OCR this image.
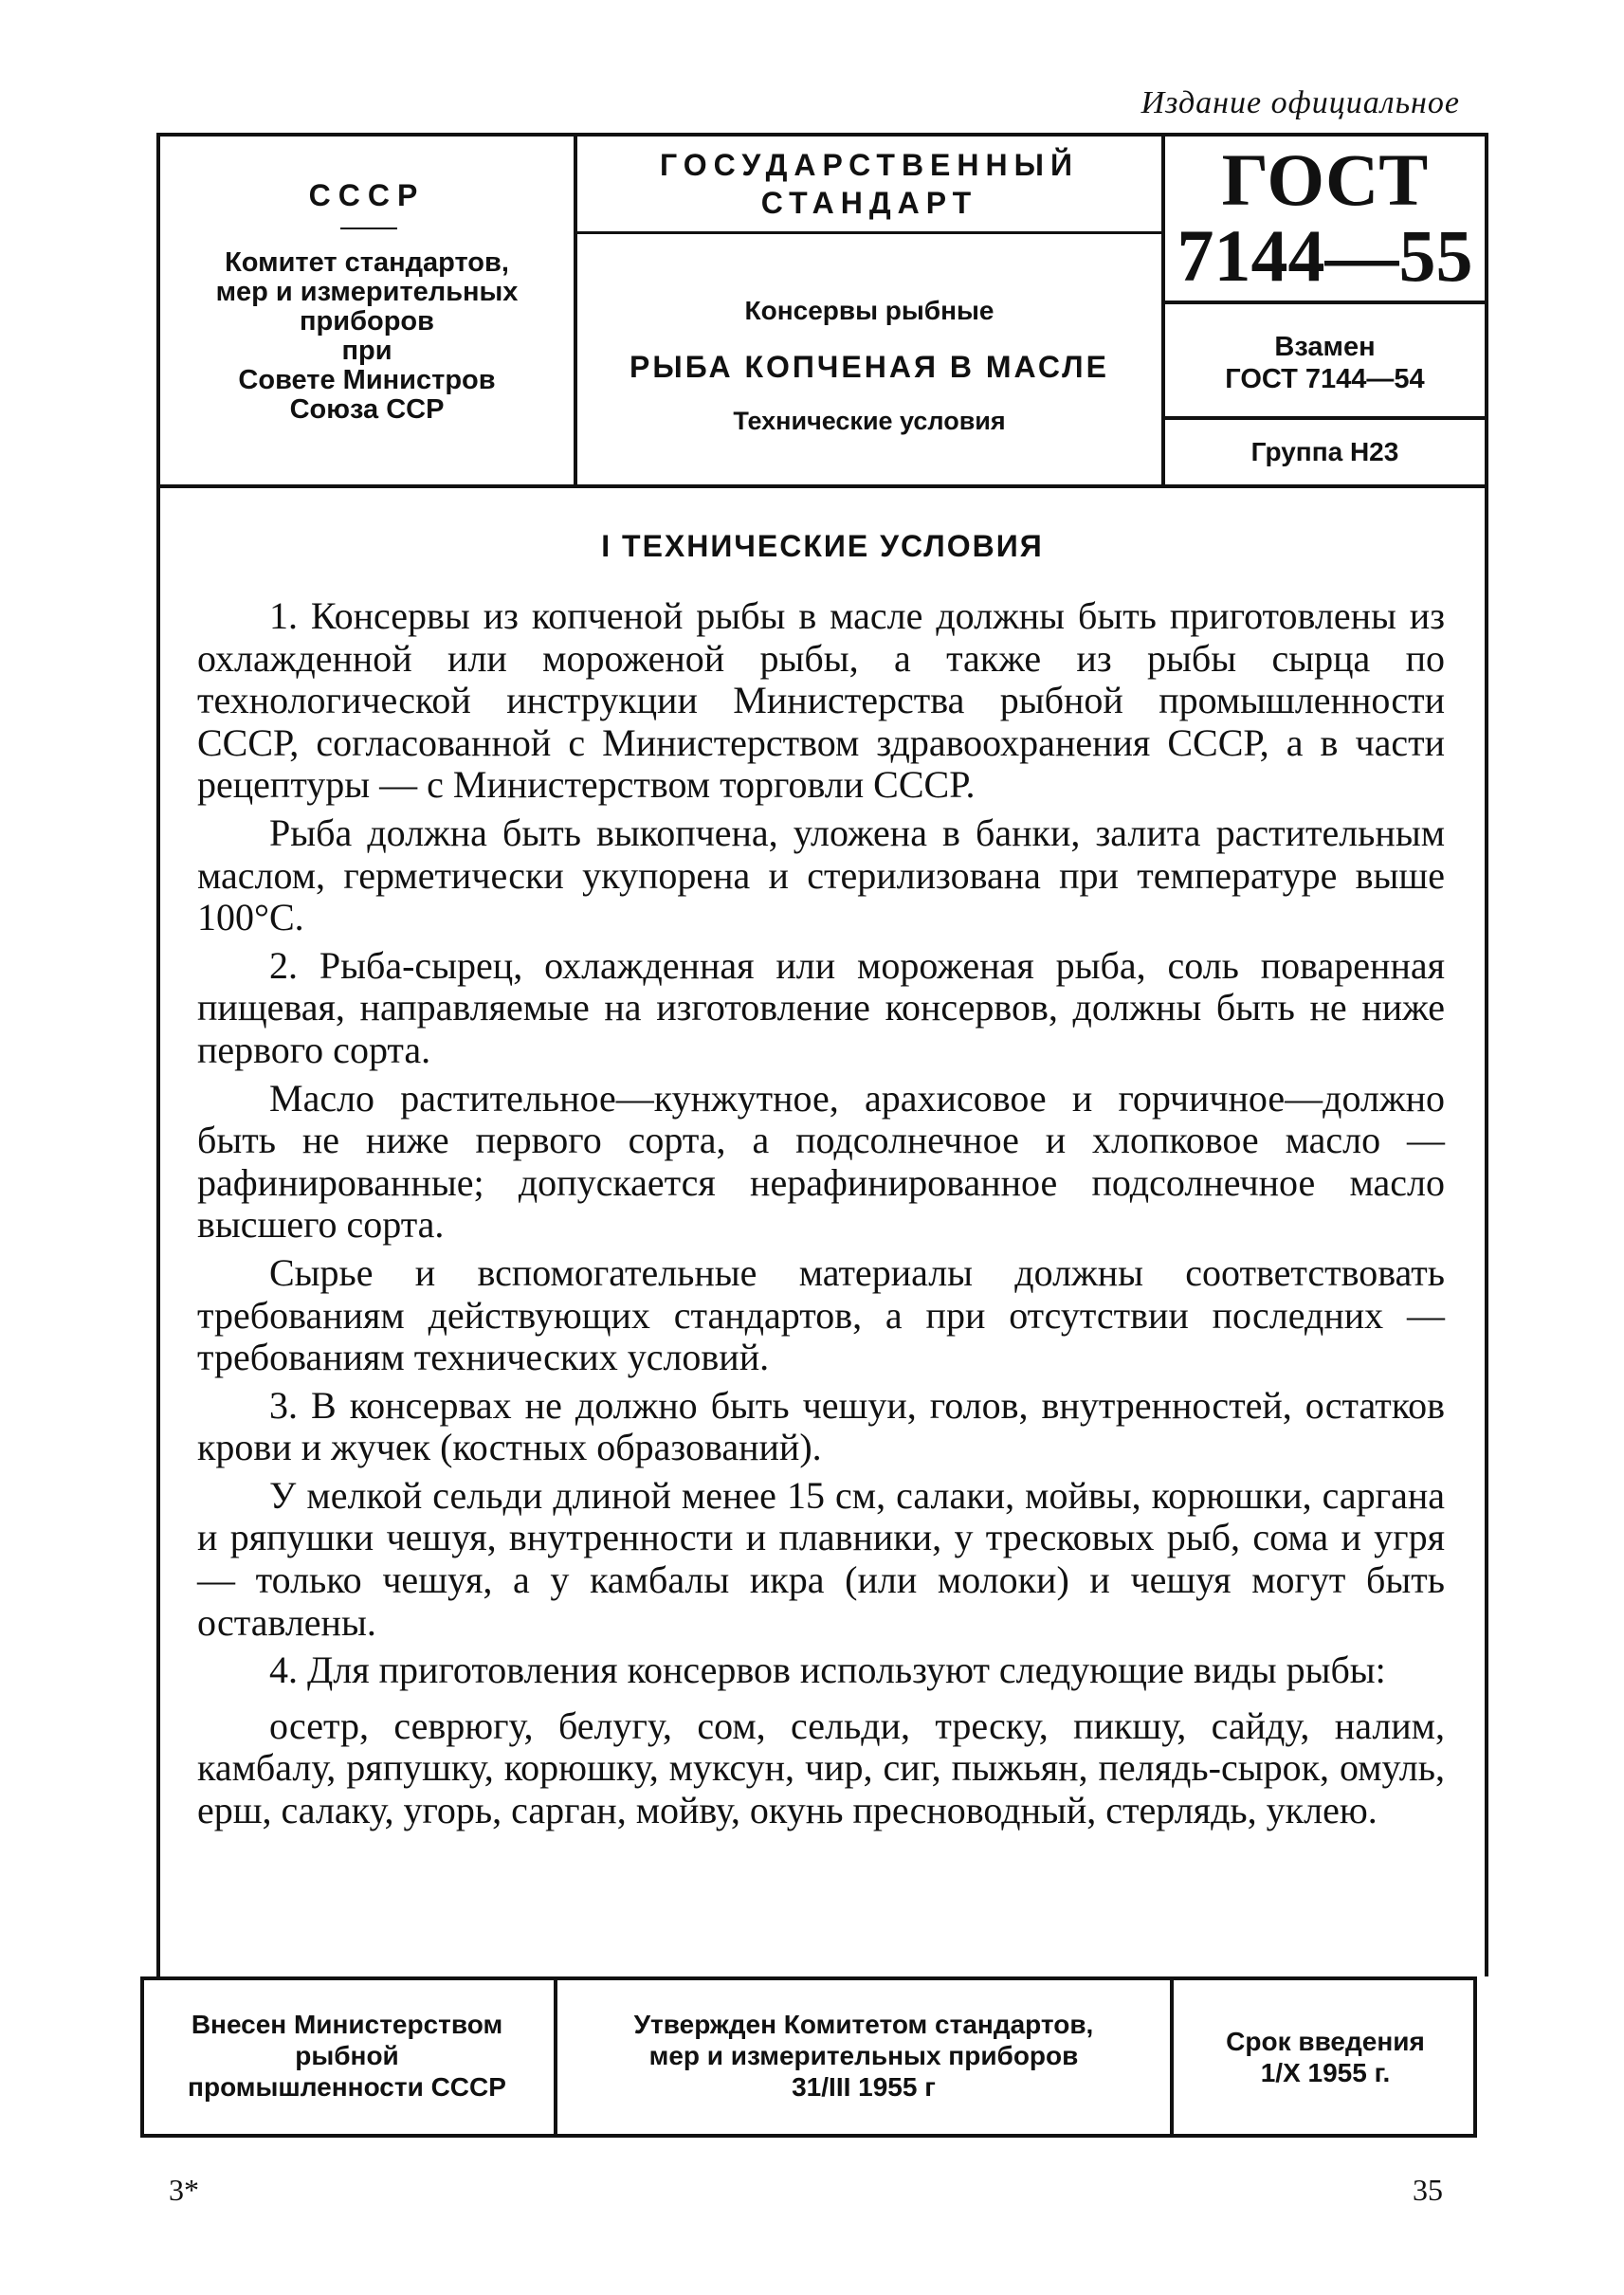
Издание официальное
СССР
Комитет стандартов,
мер и измерительных
приборов
при
Совете Министров
Союза ССР
ГОСУДАРСТВЕННЫЙ
СТАНДАРТ
Консервы рыбные
РЫБА КОПЧЕНАЯ В МАСЛЕ
Технические условия
ГОСТ
7144—55
Взамен
ГОСТ 7144—54
Группа Н23
I ТЕХНИЧЕСКИЕ УСЛОВИЯ

1. Консервы из копченой рыбы в масле должны быть приготовлены из охлажденной или мороженой рыбы, а также из рыбы сырца по технологической инструкции Министерства рыбной промышленности СССР, согласованной с Министерством здравоохранения СССР, а в части рецептуры — с Министерством торговли СССР.

Рыба должна быть выкопчена, уложена в банки, залита растительным маслом, герметически укупорена и стерилизована при температуре выше 100°С.

2. Рыба-сырец, охлажденная или мороженая рыба, соль поваренная пищевая, направляемые на изготовление консервов, должны быть не ниже первого сорта.

Масло растительное—кунжутное, арахисовое и горчичное—должно быть не ниже первого сорта, а подсолнечное и хлопковое масло — рафинированные; допускается нерафинированное подсолнечное масло высшего сорта.

Сырье и вспомогательные материалы должны соответствовать требованиям действующих стандартов, а при отсутствии последних — требованиям технических условий.

3. В консервах не должно быть чешуи, голов, внутренностей, остатков крови и жучек (костных образований).

У мелкой сельди длиной менее 15 см, салаки, мойвы, корюшки, саргана и ряпушки чешуя, внутренности и плавники, у тресковых рыб, сома и угря — только чешуя, а у камбалы икра (или молоки) и чешуя могут быть оставлены.

4. Для приготовления консервов используют следующие виды рыбы:

осетр, севрюгу, белугу, сом, сельди, треску, пикшу, сайду, налим, камбалу, ряпушку, корюшку, муксун, чир, сиг, пыжьян, пелядь-сырок, омуль, ерш, салаку, угорь, сарган, мойву, окунь пресноводный, стерлядь, уклею.

Внесен Министерством
рыбной
промышленности СССР
Утвержден Комитетом стандартов,
мер и измерительных приборов
31/III 1955 г
Срок введения
1/X 1955 г.
3*	35
